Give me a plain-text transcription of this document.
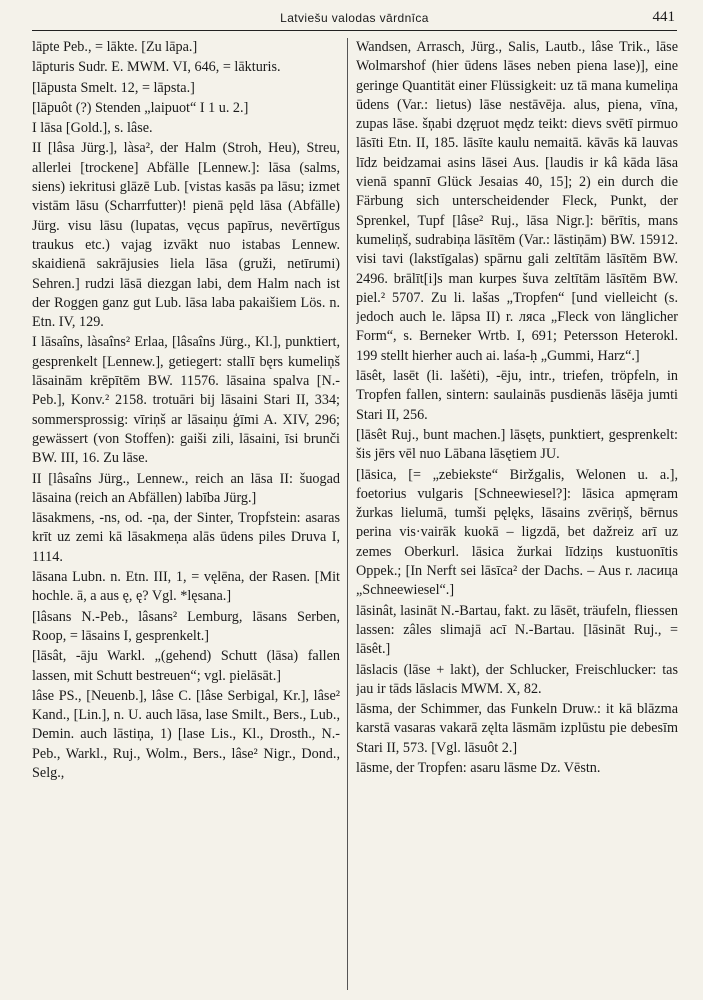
Latviešu valodas vārdnīca	441

lāpte Peb., = lākte. [Zu lāpa.]

lāpturis Sudr. E. MWM. VI, 646, = lākturis.

[lāpusta Smelt. 12, = lāpsta.]

[lāpuôt (?) Stenden „laipuot“ I 1 u. 2.]

I lāsa [Gold.], s. lâse.

II [lâsa Jürg.], làsa², der Halm (Stroh, Heu), Streu, allerlei [trockene] Abfälle [Lennew.]: lāsa (salms, siens) iekritusi glāzē Lub. [vistas kasās pa lāsu; izmet vistām lāsu (Scharrfutter)! pienā pęld lāsa (Abfälle) Jürg. visu lāsu (lupatas, vęcus papīrus, nevērtīgus traukus etc.) vajag izvākt nuo istabas Lennew. skaidienā sakrājusies liela lāsa (gruži, netīrumi) Sehren.] rudzi lāsā diezgan labi, dem Halm nach ist der Roggen ganz gut Lub. lāsa laba pakaišiem Lös. n. Etn. IV, 129.

I lāsaîns, làsaîns² Erlaa, [lâsaîns Jürg., Kl.], punktiert, gesprenkelt [Lennew.], getiegert: stallī bęrs kumeliņš lāsainām krēpītēm BW. 11576. lāsaina spalva [N.-Peb.], Konv.² 2158. trotuāri bij lāsaini Stari II, 334; sommersprossig: vīriņš ar lāsaiņu ģīmi A. XIV, 296; gewässert (von Stoffen): gaiši zili, lāsaini, īsi brunči BW. III, 16. Zu lāse.

II [lâsaîns Jürg., Lennew., reich an lāsa II: šuogad lāsaina (reich an Abfällen) labība Jürg.]

lāsakmens, -ns, od. -ņa, der Sinter, Tropfstein: asaras krīt uz zemi kā lāsakmeņa alās ūdens piles Druva I, 1114.

lāsana Lubn. n. Etn. III, 1, = vęlēna, der Rasen. [Mit hochle. ā, a aus ę, ę? Vgl. *lęsana.]

[lâsans N.-Peb., lâsans² Lemburg, lāsans Serben, Roop, = lāsains I, gesprenkelt.]

[lāsât, -āju Warkl. „(gehend) Schutt (lāsa) fallen lassen, mit Schutt bestreuen“; vgl. pielāsāt.]

lâse PS., [Neuenb.], lâse C. [lâse Serbigal, Kr.], lâse² Kand., [Lin.], n. U. auch lāsa, lase Smilt., Bers., Lub., Demin. auch lāstiņa, 1) [lase Lis., Kl., Drosth., N.-Peb., Warkl., Ruj., Wolm., Bers., lâse² Nigr., Dond., Selg.,

Wandsen, Arrasch, Jürg., Salis, Lautb., lâse Trik., lāse Wolmarshof (hier ūdens lāses neben piena lase)], eine geringe Quantität einer Flüssigkeit: uz tā mana kumeliņa ūdens (Var.: lietus) lāse nestāvēja. alus, piena, vīna, zupas lāse. šņabi dzęŗuot mędz teikt: dievs svētī pirmuo lāsīti Etn. II, 185. lāsīte kaulu nemaitā. kāvās kā lauvas līdz beidzamai asins lāsei Aus. [laudis ir kâ kāda lāsa vienā spannī Glück Jesaias 40, 15]; 2) ein durch die Färbung sich unterscheidender Fleck, Punkt, der Sprenkel, Tupf [lâse² Ruj., lāsa Nigr.]: bērītis, mans kumeliņš, sudrabiņa lāsītēm (Var.: lāstiņām) BW. 15912. visi tavi (lakstīgalas) spārnu gali zeltītām lāsītēm BW. 2496. brālīt[i]s man kurpes šuva zeltītām lāsītēm BW. piel.² 5707. Zu li. lašas „Tropfen“ [und vielleicht (s. jedoch auch le. lāpsa II) r. ляса „Fleck von länglicher Form“, s. Berneker Wrtb. I, 691; Petersson Heterokl. 199 stellt hierher auch ai. laśa-ḥ „Gummi, Harz“.]

lāsêt, lasēt (li. lašėti), -ēju, intr., triefen, tröpfeln, in Tropfen fallen, sintern: saulainās pusdienās lāsēja jumti Stari II, 256.

[lāsêt Ruj., bunt machen.] lāsęts, punktiert, gesprenkelt: šis jērs vēl nuo Lābana lāsętiem JU.

[lāsica, [= „zebiekste“ Biržgalis, Welonen u. a.], foetorius vulgaris [Schneewiesel?]: lāsica apmęram žurkas lielumā, tumši pęlęks, lāsains zvēriņš, bērnus perina vis·vairāk kuokā – ligzdā, bet dažreiz arī uz zemes Oberkurl. lāsica žurkai līdziņs kustuonītis Oppek.; [In Nerft sei lāsīca² der Dachs. – Aus r. ласица „Schneewiesel“.]

lāsinât, lasināt N.-Bartau, fakt. zu lāsēt, träufeln, fliessen lassen: zâles slimajā acī N.-Bartau. [lāsināt Ruj., = lāsêt.]

lāslacis (lāse + lakt), der Schlucker, Freischlucker: tas jau ir tāds lāslacis MWM. X, 82.

lāsma, der Schimmer, das Funkeln Druw.: it kā blāzma karstā vasaras vakarā zęlta lāsmām izplūstu pie debesīm Stari II, 573. [Vgl. lāsuôt 2.]

lāsme, der Tropfen: asaru lāsme Dz. Vēstn.
